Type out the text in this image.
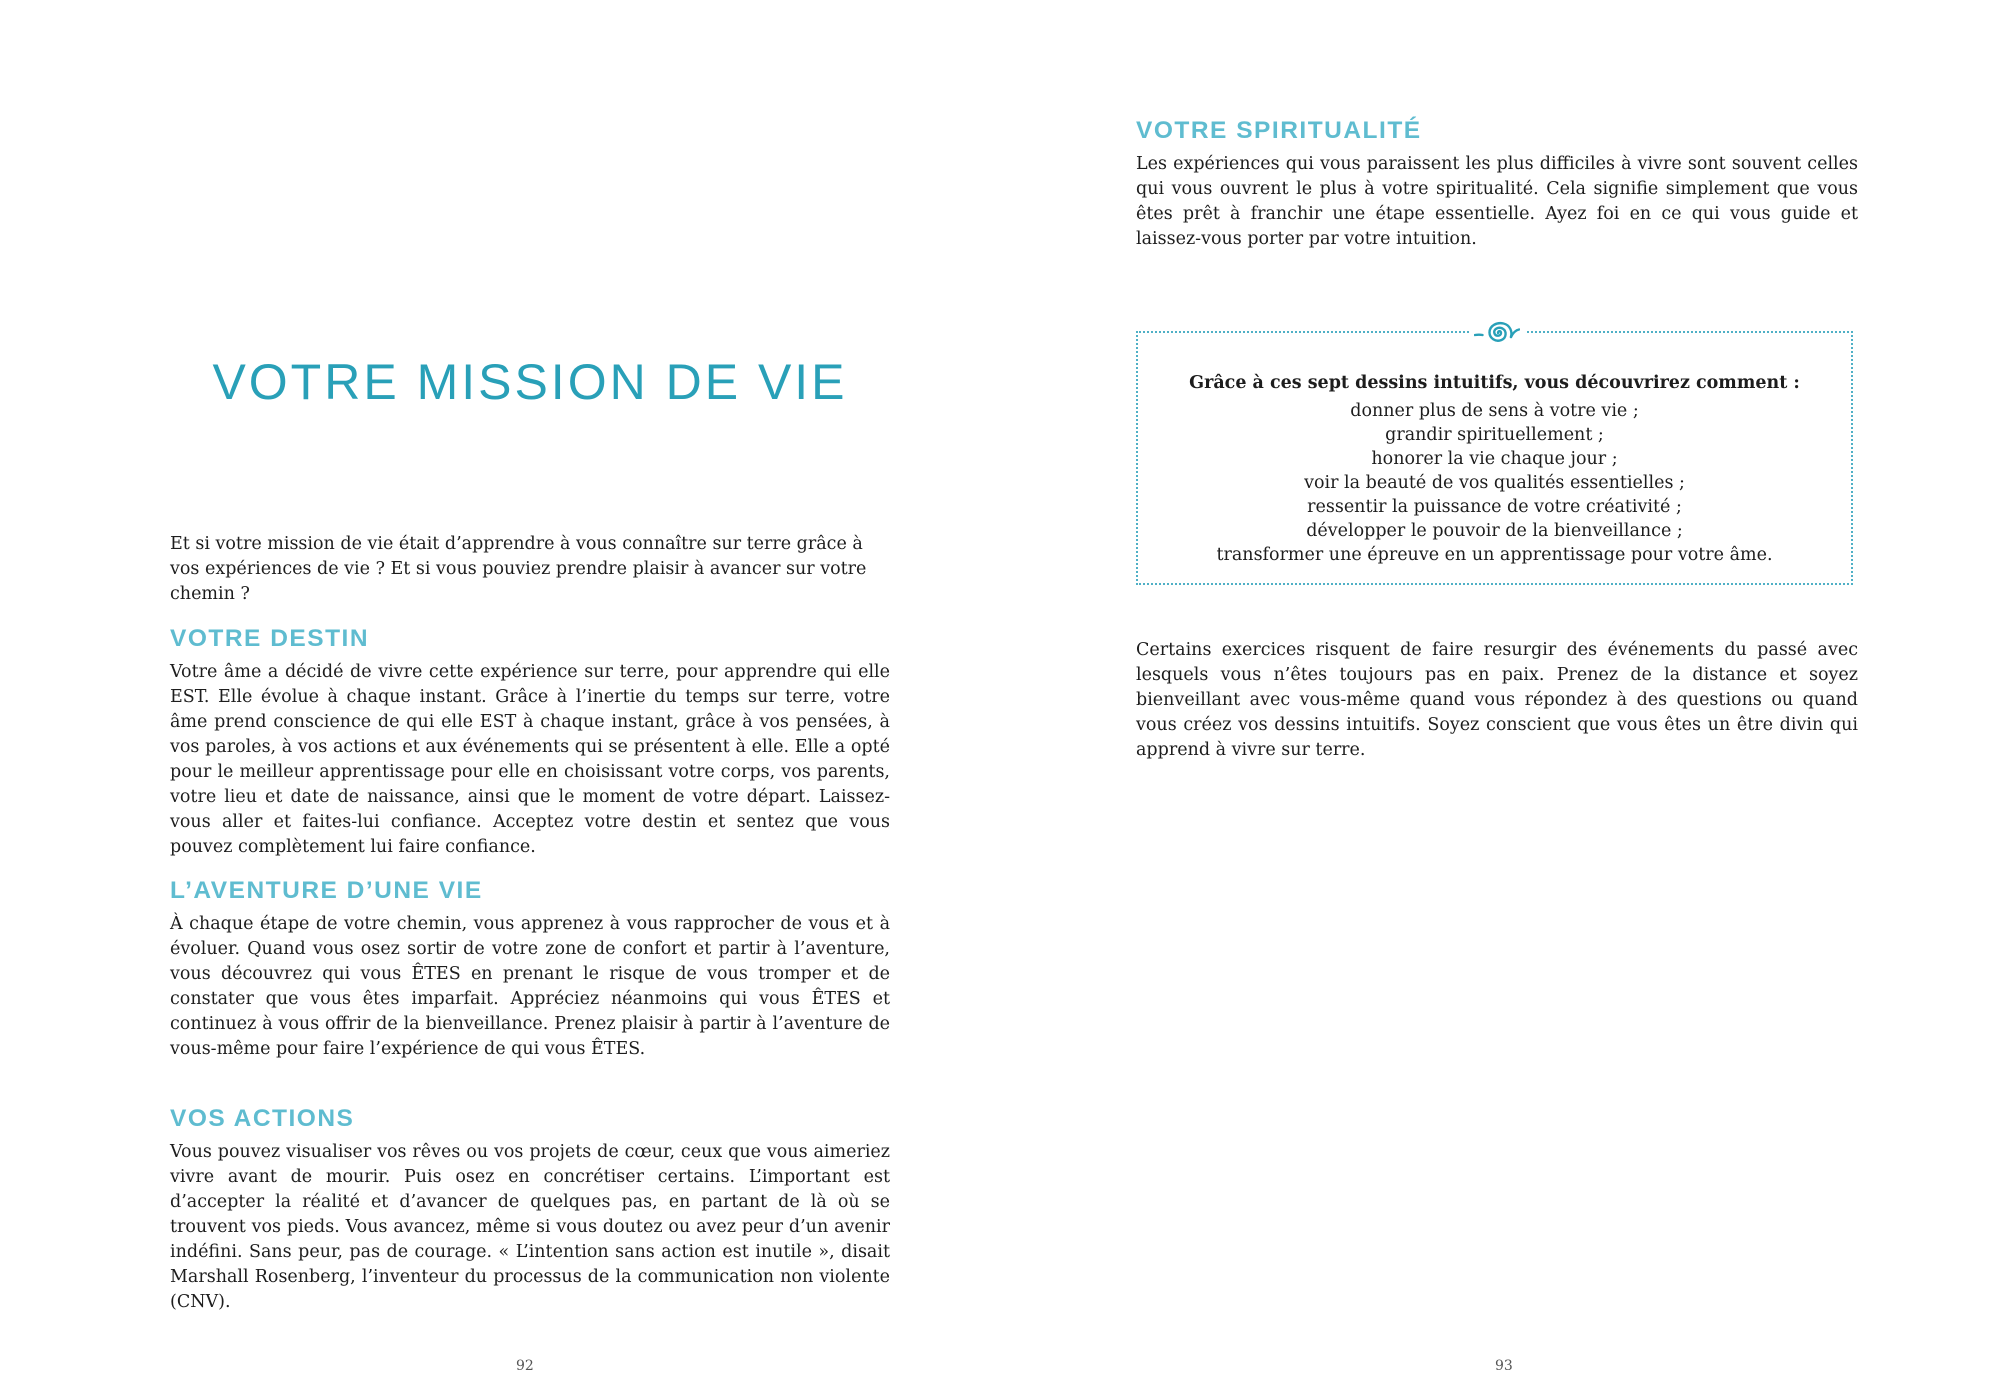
VOTRE MISSION DE VIE

Et si votre mission de vie était d’apprendre à vous connaître sur terre grâce à vos expériences de vie ? Et si vous pouviez prendre plaisir à avancer sur votre chemin ?

VOTRE DESTIN

Votre âme a décidé de vivre cette expérience sur terre, pour apprendre qui elle EST. Elle évolue à chaque instant. Grâce à l’inertie du temps sur terre, votre âme prend conscience de qui elle EST à chaque instant, grâce à vos pensées, à vos paroles, à vos actions et aux événements qui se présentent à elle. Elle a opté pour le meilleur apprentissage pour elle en choisissant votre corps, vos parents, votre lieu et date de naissance, ainsi que le moment de votre départ. Laissez-vous aller et faites-lui confiance. Acceptez votre destin et sentez que vous pouvez complètement lui faire confiance.

L’AVENTURE D’UNE VIE

À chaque étape de votre chemin, vous apprenez à vous rapprocher de vous et à évoluer. Quand vous osez sortir de votre zone de confort et partir à l’aventure, vous découvrez qui vous ÊTES en prenant le risque de vous tromper et de constater que vous êtes imparfait. Appréciez néanmoins qui vous ÊTES et continuez à vous offrir de la bienveillance. Prenez plaisir à partir à l’aventure de vous-même pour faire l’expérience de qui vous ÊTES.

VOS ACTIONS

Vous pouvez visualiser vos rêves ou vos projets de cœur, ceux que vous aimeriez vivre avant de mourir. Puis osez en concrétiser certains. L’important est d’accepter la réalité et d’avancer de quelques pas, en partant de là où se trouvent vos pieds. Vous avancez, même si vous doutez ou avez peur d’un avenir indéfini. Sans peur, pas de courage. « L’intention sans action est inutile », disait Marshall Rosenberg, l’inventeur du processus de la communication non violente (CNV).

92

VOTRE SPIRITUALITÉ

Les expériences qui vous paraissent les plus difficiles à vivre sont souvent celles qui vous ouvrent le plus à votre spiritualité. Cela signifie simplement que vous êtes prêt à franchir une étape essentielle. Ayez foi en ce qui vous guide et laissez-vous porter par votre intuition.

Grâce à ces sept dessins intuitifs, vous découvrirez comment :

donner plus de sens à votre vie ;
grandir spirituellement ;
honorer la vie chaque jour ;
voir la beauté de vos qualités essentielles ;
ressentir la puissance de votre créativité ;
développer le pouvoir de la bienveillance ;
transformer une épreuve en un apprentissage pour votre âme.

Certains exercices risquent de faire resurgir des événements du passé avec lesquels vous n’êtes toujours pas en paix. Prenez de la distance et soyez bienveillant avec vous-même quand vous répondez à des questions ou quand vous créez vos dessins intuitifs. Soyez conscient que vous êtes un être divin qui apprend à vivre sur terre.

93
